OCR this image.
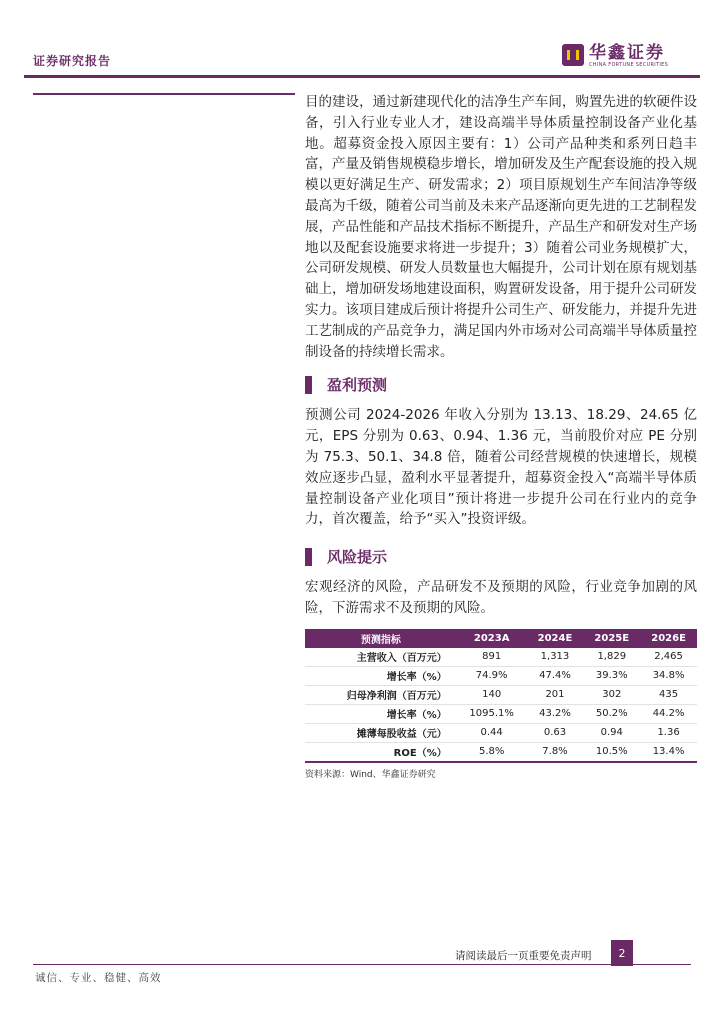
证券研究报告	华鑫证券
CHINA FORTUNE SECURITIES

目的建设，通过新建现代化的洁净生产车间，购置先进的软硬件设备，引入行业专业人才，建设高端半导体质量控制设备产业化基地。超募资金投入原因主要有：1）公司产品种类和系列日趋丰富，产量及销售规模稳步增长，增加研发及生产配套设施的投入规模以更好满足生产、研发需求；2）项目原规划生产车间洁净等级最高为千级，随着公司当前及未来产品逐渐向更先进的工艺制程发展，产品性能和产品技术指标不断提升，产品生产和研发对生产场地以及配套设施要求将进一步提升；3）随着公司业务规模扩大，公司研发规模、研发人员数量也大幅提升，公司计划在原有规划基础上，增加研发场地建设面积，购置研发设备，用于提升公司研发实力。该项目建成后预计将提升公司生产、研发能力，并提升先进工艺制成的产品竞争力，满足国内外市场对公司高端半导体质量控制设备的持续增长需求。

盈利预测

预测公司 2024-2026 年收入分别为 13.13、18.29、24.65 亿元，EPS 分别为 0.63、0.94、1.36 元，当前股价对应 PE 分别为 75.3、50.1、34.8 倍，随着公司经营规模的快速增长，规模效应逐步凸显，盈利水平显著提升，超募资金投入“高端半导体质量控制设备产业化项目”预计将进一步提升公司在行业内的竞争力，首次覆盖，给予“买入”投资评级。

风险提示

宏观经济的风险，产品研发不及预期的风险，行业竞争加剧的风险，下游需求不及预期的风险。

预测指标	2023A	2024E	2025E	2026E
主营收入（百万元）	891	1,313	1,829	2,465
增长率（%）	74.9%	47.4%	39.3%	34.8%
归母净利润（百万元）	140	201	302	435
增长率（%）	1095.1%	43.2%	50.2%	44.2%
摊薄每股收益（元）	0.44	0.63	0.94	1.36
ROE（%）	5.8%	7.8%	10.5%	13.4%
资料来源：Wind、华鑫证券研究
请阅读最后一页重要免责声明	2
诚信、专业、稳健、高效
